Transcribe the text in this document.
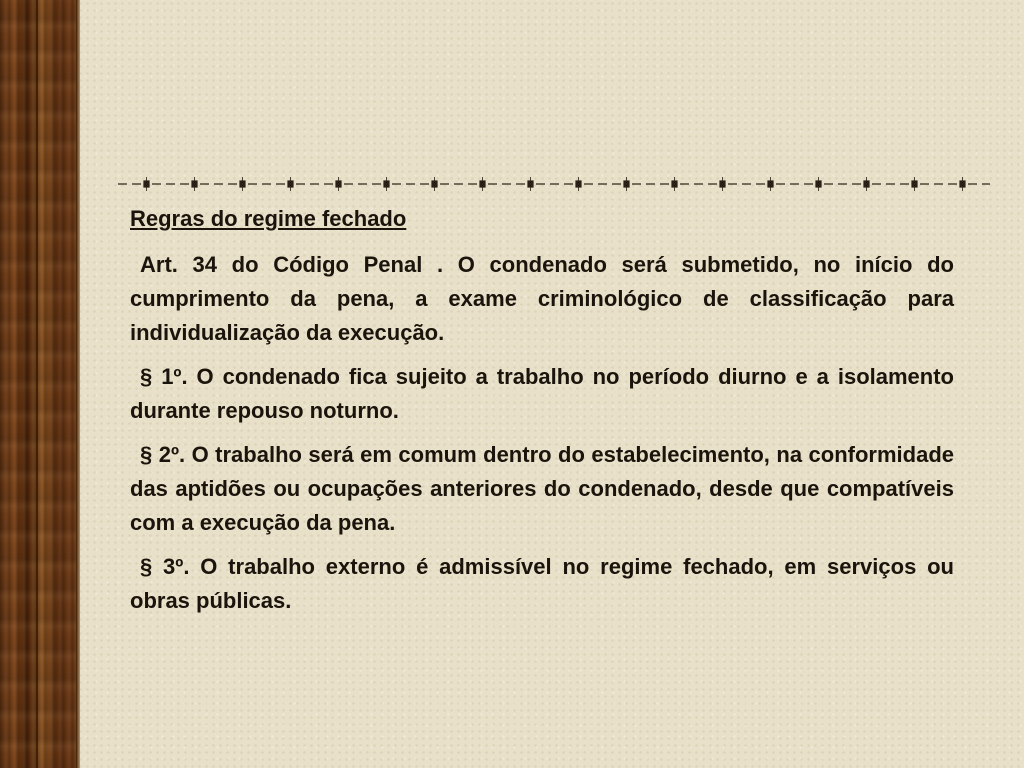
Regras do regime fechado

Art. 34 do Código Penal . O condenado será submetido, no início do cumprimento da pena, a exame criminológico de classificação para individualização da execução.

§ 1º. O condenado fica sujeito a trabalho no período diurno e a isolamento durante repouso noturno.

§ 2º. O trabalho será em comum dentro do estabelecimento, na conformidade das aptidões ou ocupações anteriores do condenado, desde que compatíveis com a execução da pena.

§ 3º. O trabalho externo é admissível no regime fechado, em serviços ou obras públicas.
